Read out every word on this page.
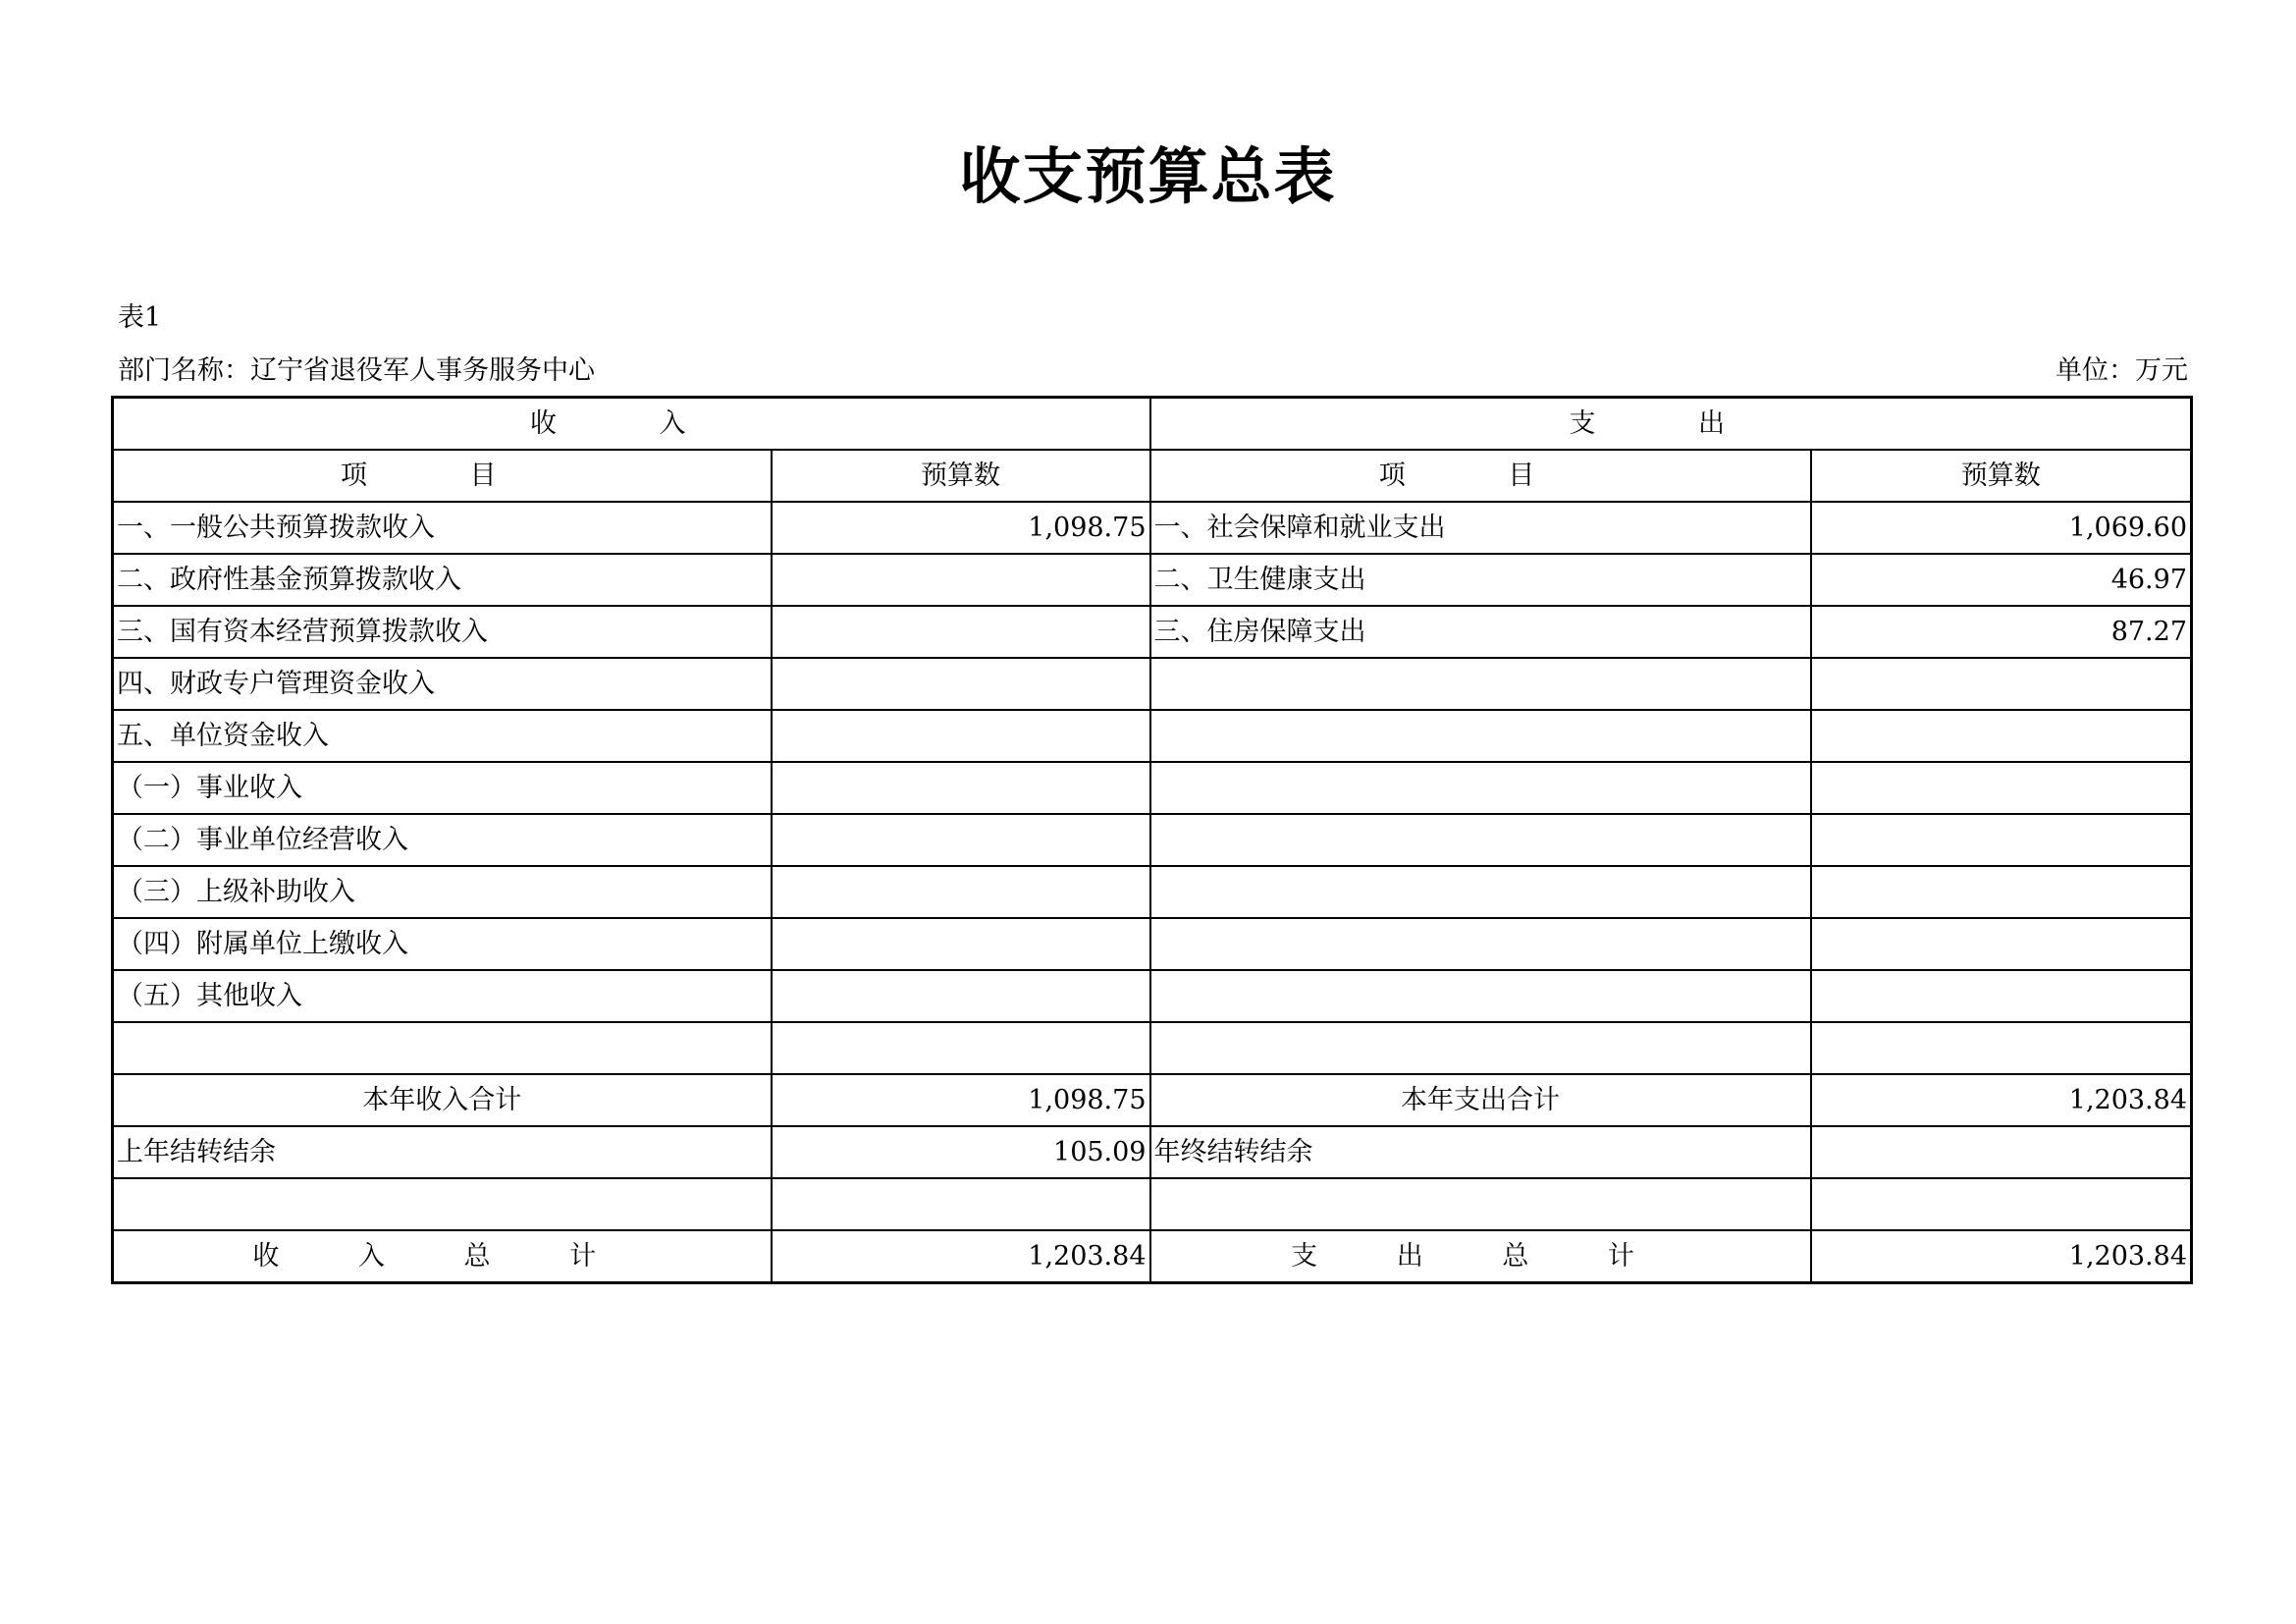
收支预算总表
表1
部门名称：辽宁省退役军人事务服务中心	单位：万元
收 入		支 出	
项 目	预算数	项 目	预算数
一、一般公共预算拨款收入	1,098.75	一、社会保障和就业支出	1,069.60
二、政府性基金预算拨款收入		二、卫生健康支出	46.97
三、国有资本经营预算拨款收入		三、住房保障支出	87.27
四、财政专户管理资金收入			
五、单位资金收入			
（一）事业收入			
（二）事业单位经营收入			
（三）上级补助收入			
（四）附属单位上缴收入			
（五）其他收入			

本年收入合计	1,098.75	本年支出合计	1,203.84
上年结转结余	105.09	年终结转结余	

收 入 总 计	1,203.84	支 出 总 计	1,203.84
